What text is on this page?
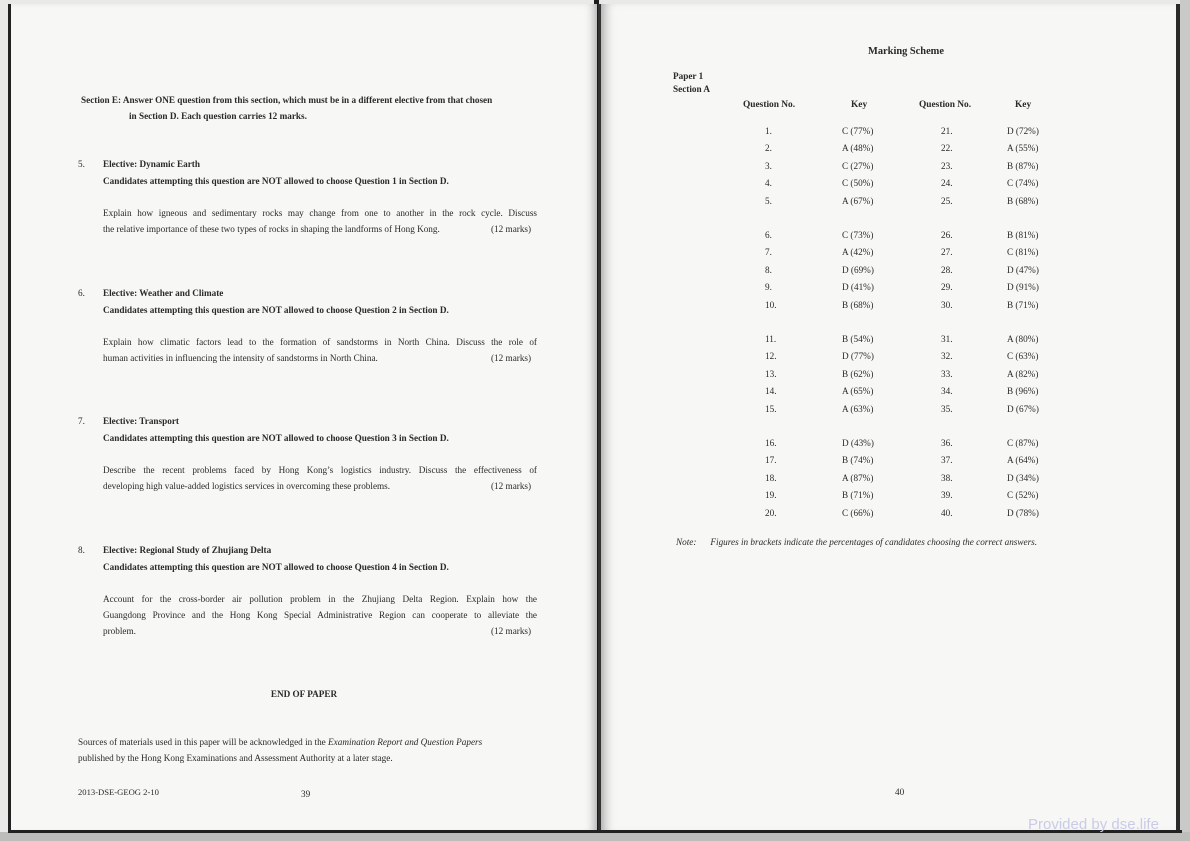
Section E: Answer ONE question from this section, which must be in a different elective from that chosen
in Section D. Each question carries 12 marks.
5. Elective: Dynamic Earth
Candidates attempting this question are NOT allowed to choose Question 1 in Section D.
Explain how igneous and sedimentary rocks may change from one to another in the rock cycle. Discuss
the relative importance of these two types of rocks in shaping the landforms of Hong Kong.	(12 marks)
6. Elective: Weather and Climate
Candidates attempting this question are NOT allowed to choose Question 2 in Section D.
Explain how climatic factors lead to the formation of sandstorms in North China. Discuss the role of
human activities in influencing the intensity of sandstorms in North China.	(12 marks)
7. Elective: Transport
Candidates attempting this question are NOT allowed to choose Question 3 in Section D.
Describe the recent problems faced by Hong Kong’s logistics industry. Discuss the effectiveness of
developing high value-added logistics services in overcoming these problems.	(12 marks)
8. Elective: Regional Study of Zhujiang Delta
Candidates attempting this question are NOT allowed to choose Question 4 in Section D.
Account for the cross-border air pollution problem in the Zhujiang Delta Region. Explain how the
Guangdong Province and the Hong Kong Special Administrative Region can cooperate to alleviate the
problem.	(12 marks)
END OF PAPER
Sources of materials used in this paper will be acknowledged in the Examination Report and Question Papers
published by the Hong Kong Examinations and Assessment Authority at a later stage.
2013-DSE-GEOG 2-10	39
Marking Scheme
Paper 1
Section A
Question No.	Key	Question No.	Key
1.	C (77%)	21.	D (72%)
2.	A (48%)	22.	A (55%)
3.	C (27%)	23.	B (87%)
4.	C (50%)	24.	C (74%)
5.	A (67%)	25.	B (68%)
6.	C (73%)	26.	B (81%)
7.	A (42%)	27.	C (81%)
8.	D (69%)	28.	D (47%)
9.	D (41%)	29.	D (91%)
10.	B (68%)	30.	B (71%)
11.	B (54%)	31.	A (80%)
12.	D (77%)	32.	C (63%)
13.	B (62%)	33.	A (82%)
14.	A (65%)	34.	B (96%)
15.	A (63%)	35.	D (67%)
16.	D (43%)	36.	C (87%)
17.	B (74%)	37.	A (64%)
18.	A (87%)	38.	D (34%)
19.	B (71%)	39.	C (52%)
20.	C (66%)	40.	D (78%)
Note: Figures in brackets indicate the percentages of candidates choosing the correct answers.
40
Provided by dse.life
